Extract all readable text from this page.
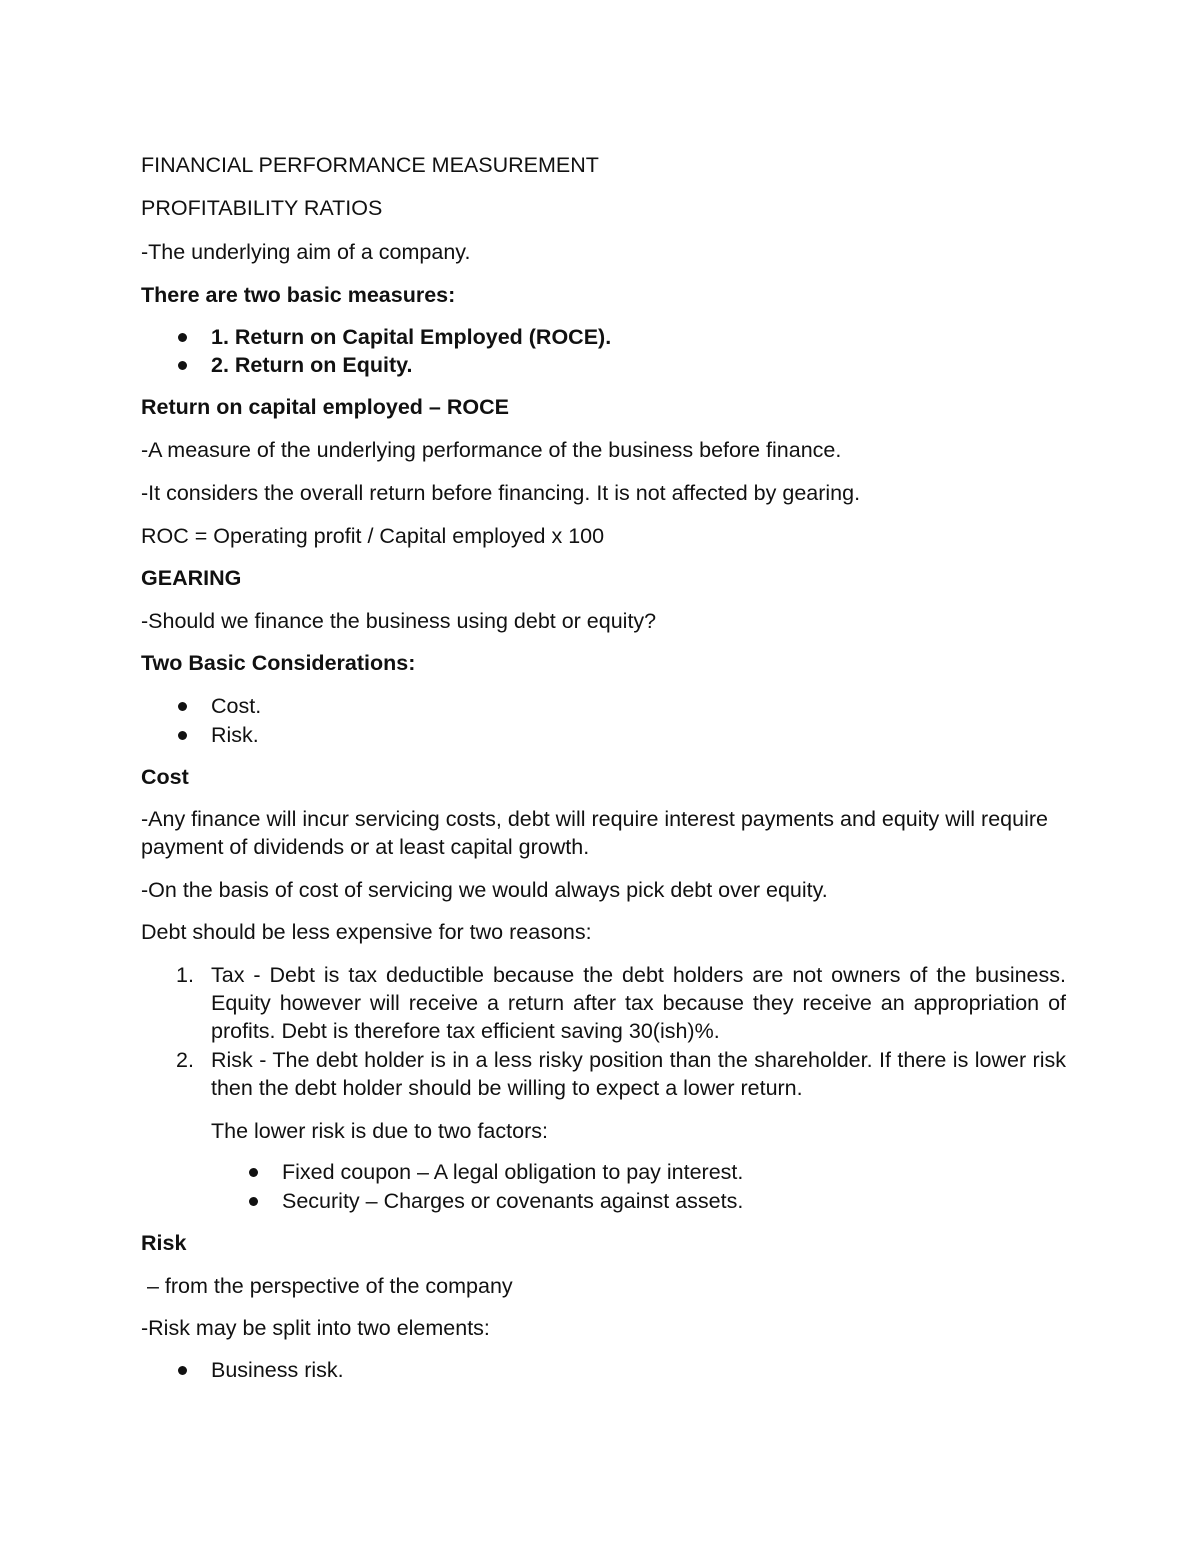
FINANCIAL PERFORMANCE MEASUREMENT
PROFITABILITY RATIOS
-The underlying aim of a company.
There are two basic measures:
1. Return on Capital Employed (ROCE).
2. Return on Equity.
Return on capital employed – ROCE
-A measure of the underlying performance of the business before finance.
-It considers the overall return before financing. It is not affected by gearing.
ROC = Operating profit / Capital employed x 100
GEARING
-Should we finance the business using debt or equity?
Two Basic Considerations:
Cost.
Risk.
Cost
-Any finance will incur servicing costs, debt will require interest payments and equity will require payment of dividends or at least capital growth.
-On the basis of cost of servicing we would always pick debt over equity.
Debt should be less expensive for two reasons:
1. Tax - Debt is tax deductible because the debt holders are not owners of the business. Equity however will receive a return after tax because they receive an appropriation of profits. Debt is therefore tax efficient saving 30(ish)%.
2. Risk - The debt holder is in a less risky position than the shareholder. If there is lower risk then the debt holder should be willing to expect a lower return.
The lower risk is due to two factors:
Fixed coupon – A legal obligation to pay interest.
Security – Charges or covenants against assets.
Risk
– from the perspective of the company
-Risk may be split into two elements:
Business risk.
